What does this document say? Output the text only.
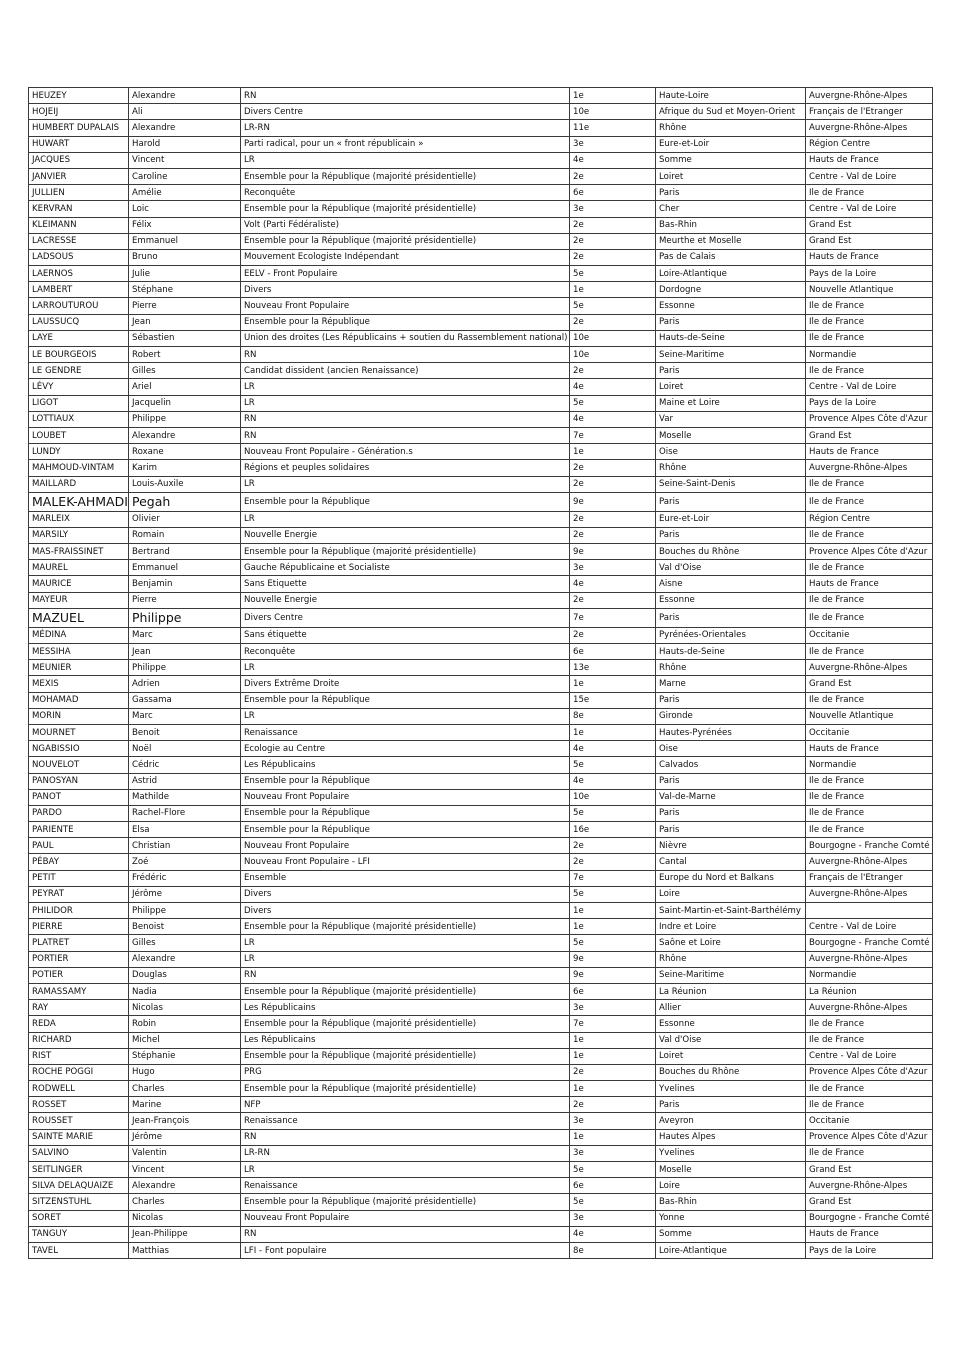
HEUZEY	Alexandre	RN	1e	Haute-Loire	Auvergne-Rhône-Alpes
HOJEIJ	Ali	Divers Centre	10e	Afrique du Sud et Moyen-Orient	Français de l'Etranger
HUMBERT DUPALAIS	Alexandre	LR-RN	11e	Rhône	Auvergne-Rhône-Alpes
HUWART	Harold	Parti radical, pour un « front républicain »	3e	Eure-et-Loir	Région Centre
JACQUES	Vincent	LR	4e	Somme	Hauts de France
JANVIER	Caroline	Ensemble pour la République (majorité présidentielle)	2e	Loiret	Centre - Val de Loire
JULLIEN	Amélie	Reconquête	6e	Paris	Ile de France
KERVRAN	Loic	Ensemble pour la République (majorité présidentielle)	3e	Cher	Centre - Val de Loire
KLEIMANN	Félix	Volt (Parti Fédéraliste)	2e	Bas-Rhin	Grand Est
LACRESSE	Emmanuel	Ensemble pour la République (majorité présidentielle)	2e	Meurthe et Moselle	Grand Est
LADSOUS	Bruno	Mouvement Ecologiste Indépendant	2e	Pas de Calais	Hauts de France
LAERNOS	Julie	EELV - Front Populaire	5e	Loire-Atlantique	Pays de la Loire
LAMBERT	Stéphane	Divers	1e	Dordogne	Nouvelle Atlantique
LARROUTUROU	Pierre	Nouveau Front Populaire	5e	Essonne	Ile de France
LAUSSUCQ	Jean	Ensemble pour la République	2e	Paris	Ile de France
LAYE	Sébastien	Union des droites (Les Républicains + soutien du Rassemblement national)	10e	Hauts-de-Seine	Ile de France
LE BOURGEOIS	Robert	RN	10e	Seine-Maritime	Normandie
LE GENDRE	Gilles	Candidat dissident (ancien Renaissance)	2e	Paris	Ile de France
LÉVY	Ariel	LR	4e	Loiret	Centre - Val de Loire
LIGOT	Jacquelin	LR	5e	Maine et Loire	Pays de la Loire
LOTTIAUX	Philippe	RN	4e	Var	Provence Alpes Côte d'Azur
LOUBET	Alexandre	RN	7e	Moselle	Grand Est
LUNDY	Roxane	Nouveau Front Populaire - Génération.s	1e	Oise	Hauts de France
MAHMOUD-VINTAM	Karim	Régions et peuples solidaires	2e	Rhône	Auvergne-Rhône-Alpes
MAILLARD	Louis-Auxile	LR	2e	Seine-Saint-Denis	Ile de France
MALEK-AHMADI	Pegah	Ensemble pour la République	9e	Paris	Ile de France
MARLEIX	Olivier	LR	2e	Eure-et-Loir	Région Centre
MARSILY	Romain	Nouvelle Energie	2e	Paris	Ile de France
MAS-FRAISSINET	Bertrand	Ensemble pour la République (majorité présidentielle)	9e	Bouches du Rhône	Provence Alpes Côte d'Azur
MAUREL	Emmanuel	Gauche Républicaine et Socialiste	3e	Val d'Oise	Ile de France
MAURICE	Benjamin	Sans Etiquette	4e	Aisne	Hauts de France
MAYEUR	Pierre	Nouvelle Energie	2e	Essonne	Ile de France
MAZUEL	Philippe	Divers Centre	7e	Paris	Ile de France
MÉDINA	Marc	Sans étiquette	2e	Pyrénées-Orientales	Occitanie
MESSIHA	Jean	Reconquête	6e	Hauts-de-Seine	Ile de France
MEUNIER	Philippe	LR	13e	Rhône	Auvergne-Rhône-Alpes
MEXIS	Adrien	Divers Extrême Droite	1e	Marne	Grand Est
MOHAMAD	Gassama	Ensemble pour la République	15e	Paris	Ile de France
MORIN	Marc	LR	8e	Gironde	Nouvelle Atlantique
MOURNET	Benoit	Renaissance	1e	Hautes-Pyrénées	Occitanie
NGABISSIO	Noël	Ecologie au Centre	4e	Oise	Hauts de France
NOUVELOT	Cédric	Les Républicains	5e	Calvados	Normandie
PANOSYAN	Astrid	Ensemble pour la République	4e	Paris	Ile de France
PANOT	Mathilde	Nouveau Front Populaire	10e	Val-de-Marne	Ile de France
PARDO	Rachel-Flore	Ensemble pour la République	5e	Paris	Ile de France
PARIENTE	Elsa	Ensemble pour la République	16e	Paris	Ile de France
PAUL	Christian	Nouveau Front Populaire	2e	Nièvre	Bourgogne - Franche Comté
PÉBAY	Zoé	Nouveau Front Populaire - LFI	2e	Cantal	Auvergne-Rhône-Alpes
PETIT	Frédéric	Ensemble	7e	Europe du Nord et Balkans	Français de l'Etranger
PEYRAT	Jérôme	Divers	5e	Loire	Auvergne-Rhône-Alpes
PHILIDOR	Philippe	Divers	1e	Saint-Martin-et-Saint-Barthélémy	
PIERRE	Benoist	Ensemble pour la République (majorité présidentielle)	1e	Indre et Loire	Centre - Val de Loire
PLATRET	Gilles	LR	5e	Saône et Loire	Bourgogne - Franche Comté
PORTIER	Alexandre	LR	9e	Rhône	Auvergne-Rhône-Alpes
POTIER	Douglas	RN	9e	Seine-Maritime	Normandie
RAMASSAMY	Nadia	Ensemble pour la République (majorité présidentielle)	6e	La Réunion	La Réunion
RAY	Nicolas	Les Républicains	3e	Allier	Auvergne-Rhône-Alpes
REDA	Robin	Ensemble pour la République (majorité présidentielle)	7e	Essonne	Ile de France
RICHARD	Michel	Les Républicains	1e	Val d'Oise	Ile de France
RIST	Stéphanie	Ensemble pour la République (majorité présidentielle)	1e	Loiret	Centre - Val de Loire
ROCHE POGGI	Hugo	PRG	2e	Bouches du Rhône	Provence Alpes Côte d'Azur
RODWELL	Charles	Ensemble pour la République (majorité présidentielle)	1e	Yvelines	Ile de France
ROSSET	Marine	NFP	2e	Paris	Ile de France
ROUSSET	Jean-François	Renaissance	3e	Aveyron	Occitanie
SAINTE MARIE	Jérôme	RN	1e	Hautes Alpes	Provence Alpes Côte d'Azur
SALVINO	Valentin	LR-RN	3e	Yvelines	Ile de France
SEITLINGER	Vincent	LR	5e	Moselle	Grand Est
SILVA DELAQUAIZE	Alexandre	Renaissance	6e	Loire	Auvergne-Rhône-Alpes
SITZENSTUHL	Charles	Ensemble pour la République (majorité présidentielle)	5e	Bas-Rhin	Grand Est
SORET	Nicolas	Nouveau Front Populaire	3e	Yonne	Bourgogne - Franche Comté
TANGUY	Jean-Philippe	RN	4e	Somme	Hauts de France
TAVEL	Matthias	LFI - Font populaire	8e	Loire-Atlantique	Pays de la Loire
